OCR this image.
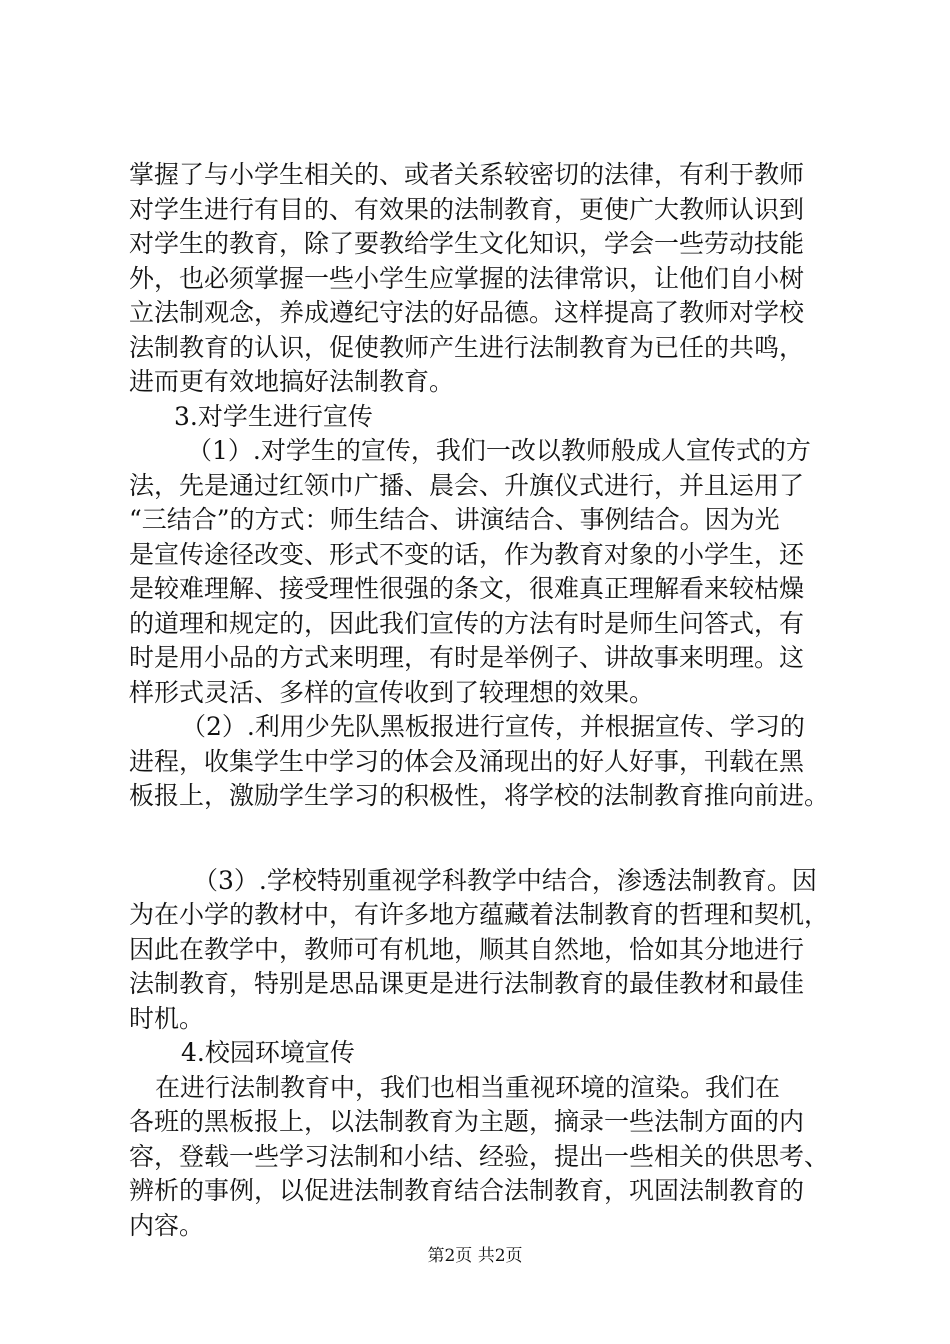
掌握了与小学生相关的、或者关系较密切的法律，有利于教师
对学生进行有目的、有效果的法制教育，更使广大教师认识到
对学生的教育，除了要教给学生文化知识，学会一些劳动技能
外，也必须掌握一些小学生应掌握的法律常识，让他们自小树
立法制观念，养成遵纪守法的好品德。这样提高了教师对学校
法制教育的认识，促使教师产生进行法制教育为已任的共鸣，
进而更有效地搞好法制教育。
3.对学生进行宣传
（1）.对学生的宣传，我们一改以教师般成人宣传式的方
法，先是通过红领巾广播、晨会、升旗仪式进行，并且运用了
“三结合”的方式：师生结合、讲演结合、事例结合。因为光
是宣传途径改变、形式不变的话，作为教育对象的小学生，还
是较难理解、接受理性很强的条文，很难真正理解看来较枯燥
的道理和规定的，因此我们宣传的方法有时是师生问答式，有
时是用小品的方式来明理，有时是举例子、讲故事来明理。这
样形式灵活、多样的宣传收到了较理想的效果。
（2）.利用少先队黑板报进行宣传，并根据宣传、学习的
进程，收集学生中学习的体会及涌现出的好人好事，刊载在黑
板报上，激励学生学习的积极性，将学校的法制教育推向前进。
（3）.学校特别重视学科教学中结合，渗透法制教育。因
为在小学的教材中，有许多地方蕴藏着法制教育的哲理和契机，
因此在教学中，教师可有机地，顺其自然地，恰如其分地进行
法制教育，特别是思品课更是进行法制教育的最佳教材和最佳
时机。
4.校园环境宣传
在进行法制教育中，我们也相当重视环境的渲染。我们在
各班的黑板报上，以法制教育为主题，摘录一些法制方面的内
容，登载一些学习法制和小结、经验，提出一些相关的供思考、
辨析的事例，以促进法制教育结合法制教育，巩固法制教育的
内容。
第2页 共2页
